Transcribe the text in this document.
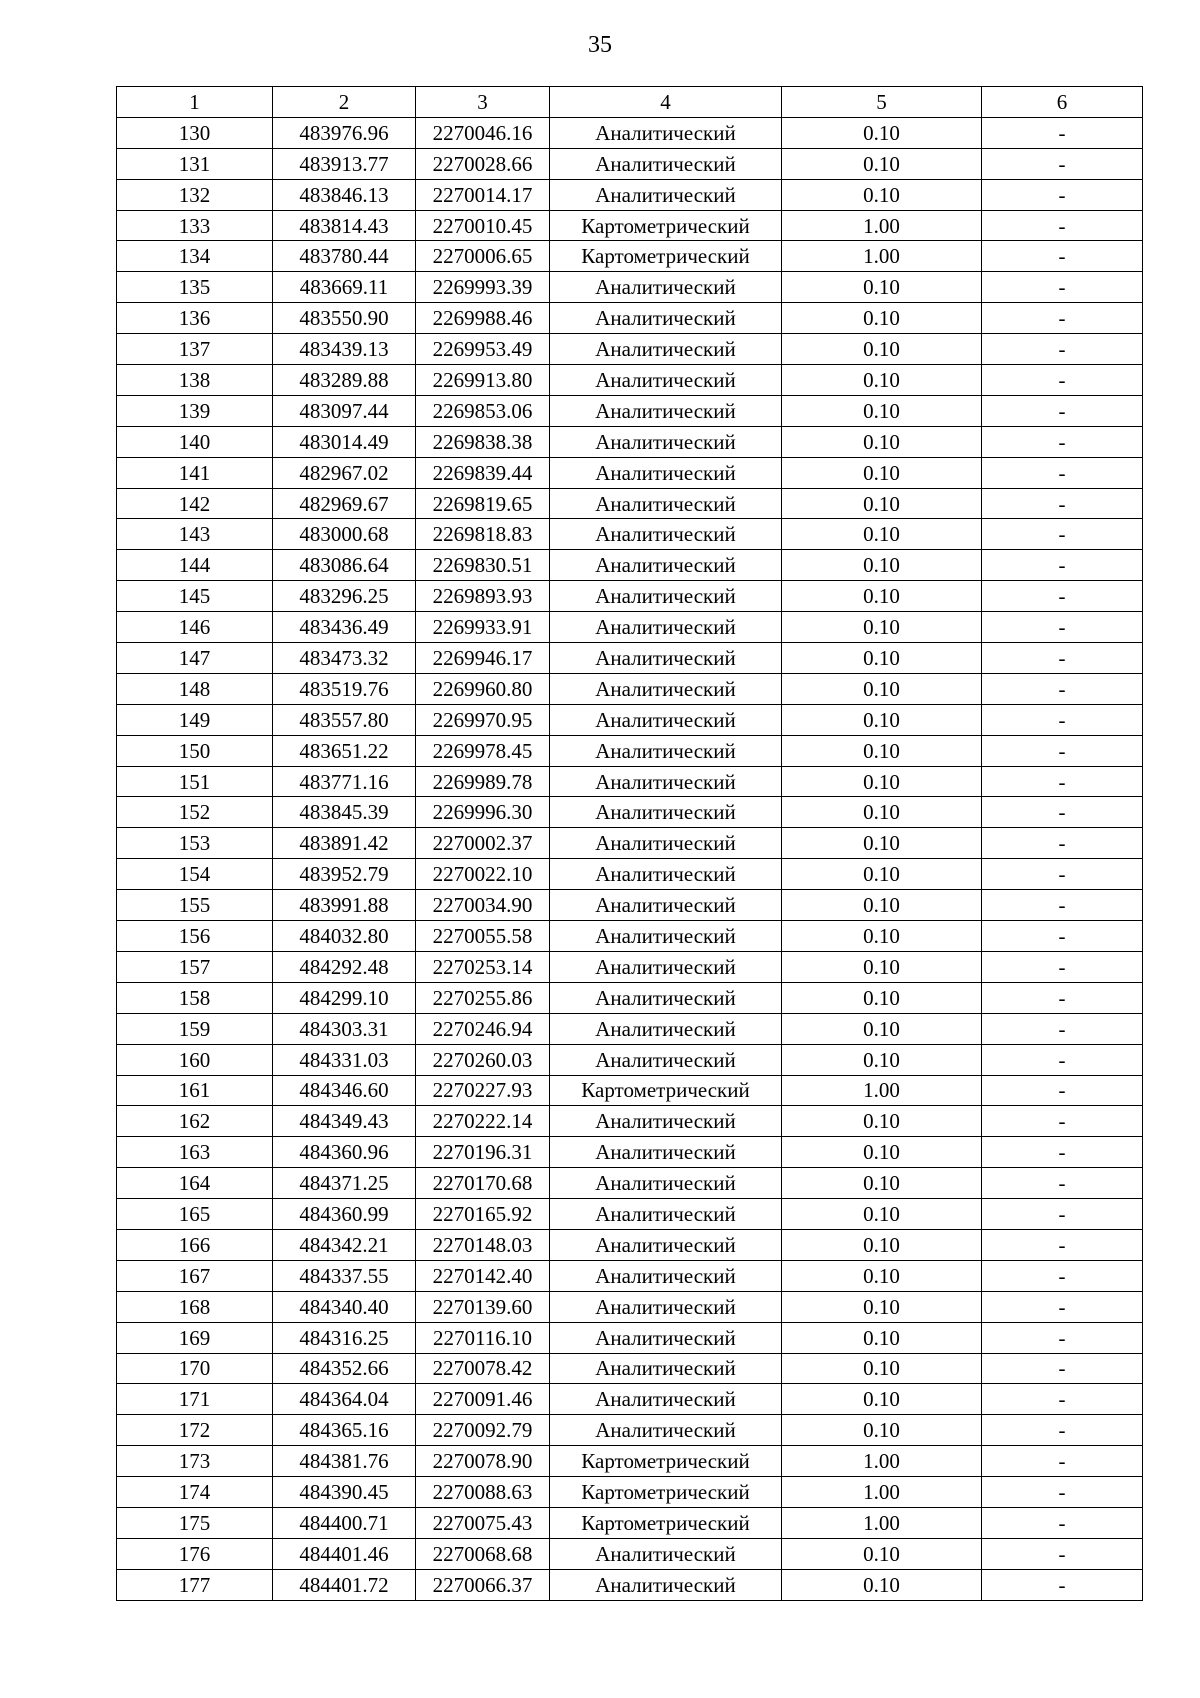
35
1	2	3	4	5	6
130	483976.96	2270046.16	Аналитический	0.10	-
131	483913.77	2270028.66	Аналитический	0.10	-
132	483846.13	2270014.17	Аналитический	0.10	-
133	483814.43	2270010.45	Картометрический	1.00	-
134	483780.44	2270006.65	Картометрический	1.00	-
135	483669.11	2269993.39	Аналитический	0.10	-
136	483550.90	2269988.46	Аналитический	0.10	-
137	483439.13	2269953.49	Аналитический	0.10	-
138	483289.88	2269913.80	Аналитический	0.10	-
139	483097.44	2269853.06	Аналитический	0.10	-
140	483014.49	2269838.38	Аналитический	0.10	-
141	482967.02	2269839.44	Аналитический	0.10	-
142	482969.67	2269819.65	Аналитический	0.10	-
143	483000.68	2269818.83	Аналитический	0.10	-
144	483086.64	2269830.51	Аналитический	0.10	-
145	483296.25	2269893.93	Аналитический	0.10	-
146	483436.49	2269933.91	Аналитический	0.10	-
147	483473.32	2269946.17	Аналитический	0.10	-
148	483519.76	2269960.80	Аналитический	0.10	-
149	483557.80	2269970.95	Аналитический	0.10	-
150	483651.22	2269978.45	Аналитический	0.10	-
151	483771.16	2269989.78	Аналитический	0.10	-
152	483845.39	2269996.30	Аналитический	0.10	-
153	483891.42	2270002.37	Аналитический	0.10	-
154	483952.79	2270022.10	Аналитический	0.10	-
155	483991.88	2270034.90	Аналитический	0.10	-
156	484032.80	2270055.58	Аналитический	0.10	-
157	484292.48	2270253.14	Аналитический	0.10	-
158	484299.10	2270255.86	Аналитический	0.10	-
159	484303.31	2270246.94	Аналитический	0.10	-
160	484331.03	2270260.03	Аналитический	0.10	-
161	484346.60	2270227.93	Картометрический	1.00	-
162	484349.43	2270222.14	Аналитический	0.10	-
163	484360.96	2270196.31	Аналитический	0.10	-
164	484371.25	2270170.68	Аналитический	0.10	-
165	484360.99	2270165.92	Аналитический	0.10	-
166	484342.21	2270148.03	Аналитический	0.10	-
167	484337.55	2270142.40	Аналитический	0.10	-
168	484340.40	2270139.60	Аналитический	0.10	-
169	484316.25	2270116.10	Аналитический	0.10	-
170	484352.66	2270078.42	Аналитический	0.10	-
171	484364.04	2270091.46	Аналитический	0.10	-
172	484365.16	2270092.79	Аналитический	0.10	-
173	484381.76	2270078.90	Картометрический	1.00	-
174	484390.45	2270088.63	Картометрический	1.00	-
175	484400.71	2270075.43	Картометрический	1.00	-
176	484401.46	2270068.68	Аналитический	0.10	-
177	484401.72	2270066.37	Аналитический	0.10	-
